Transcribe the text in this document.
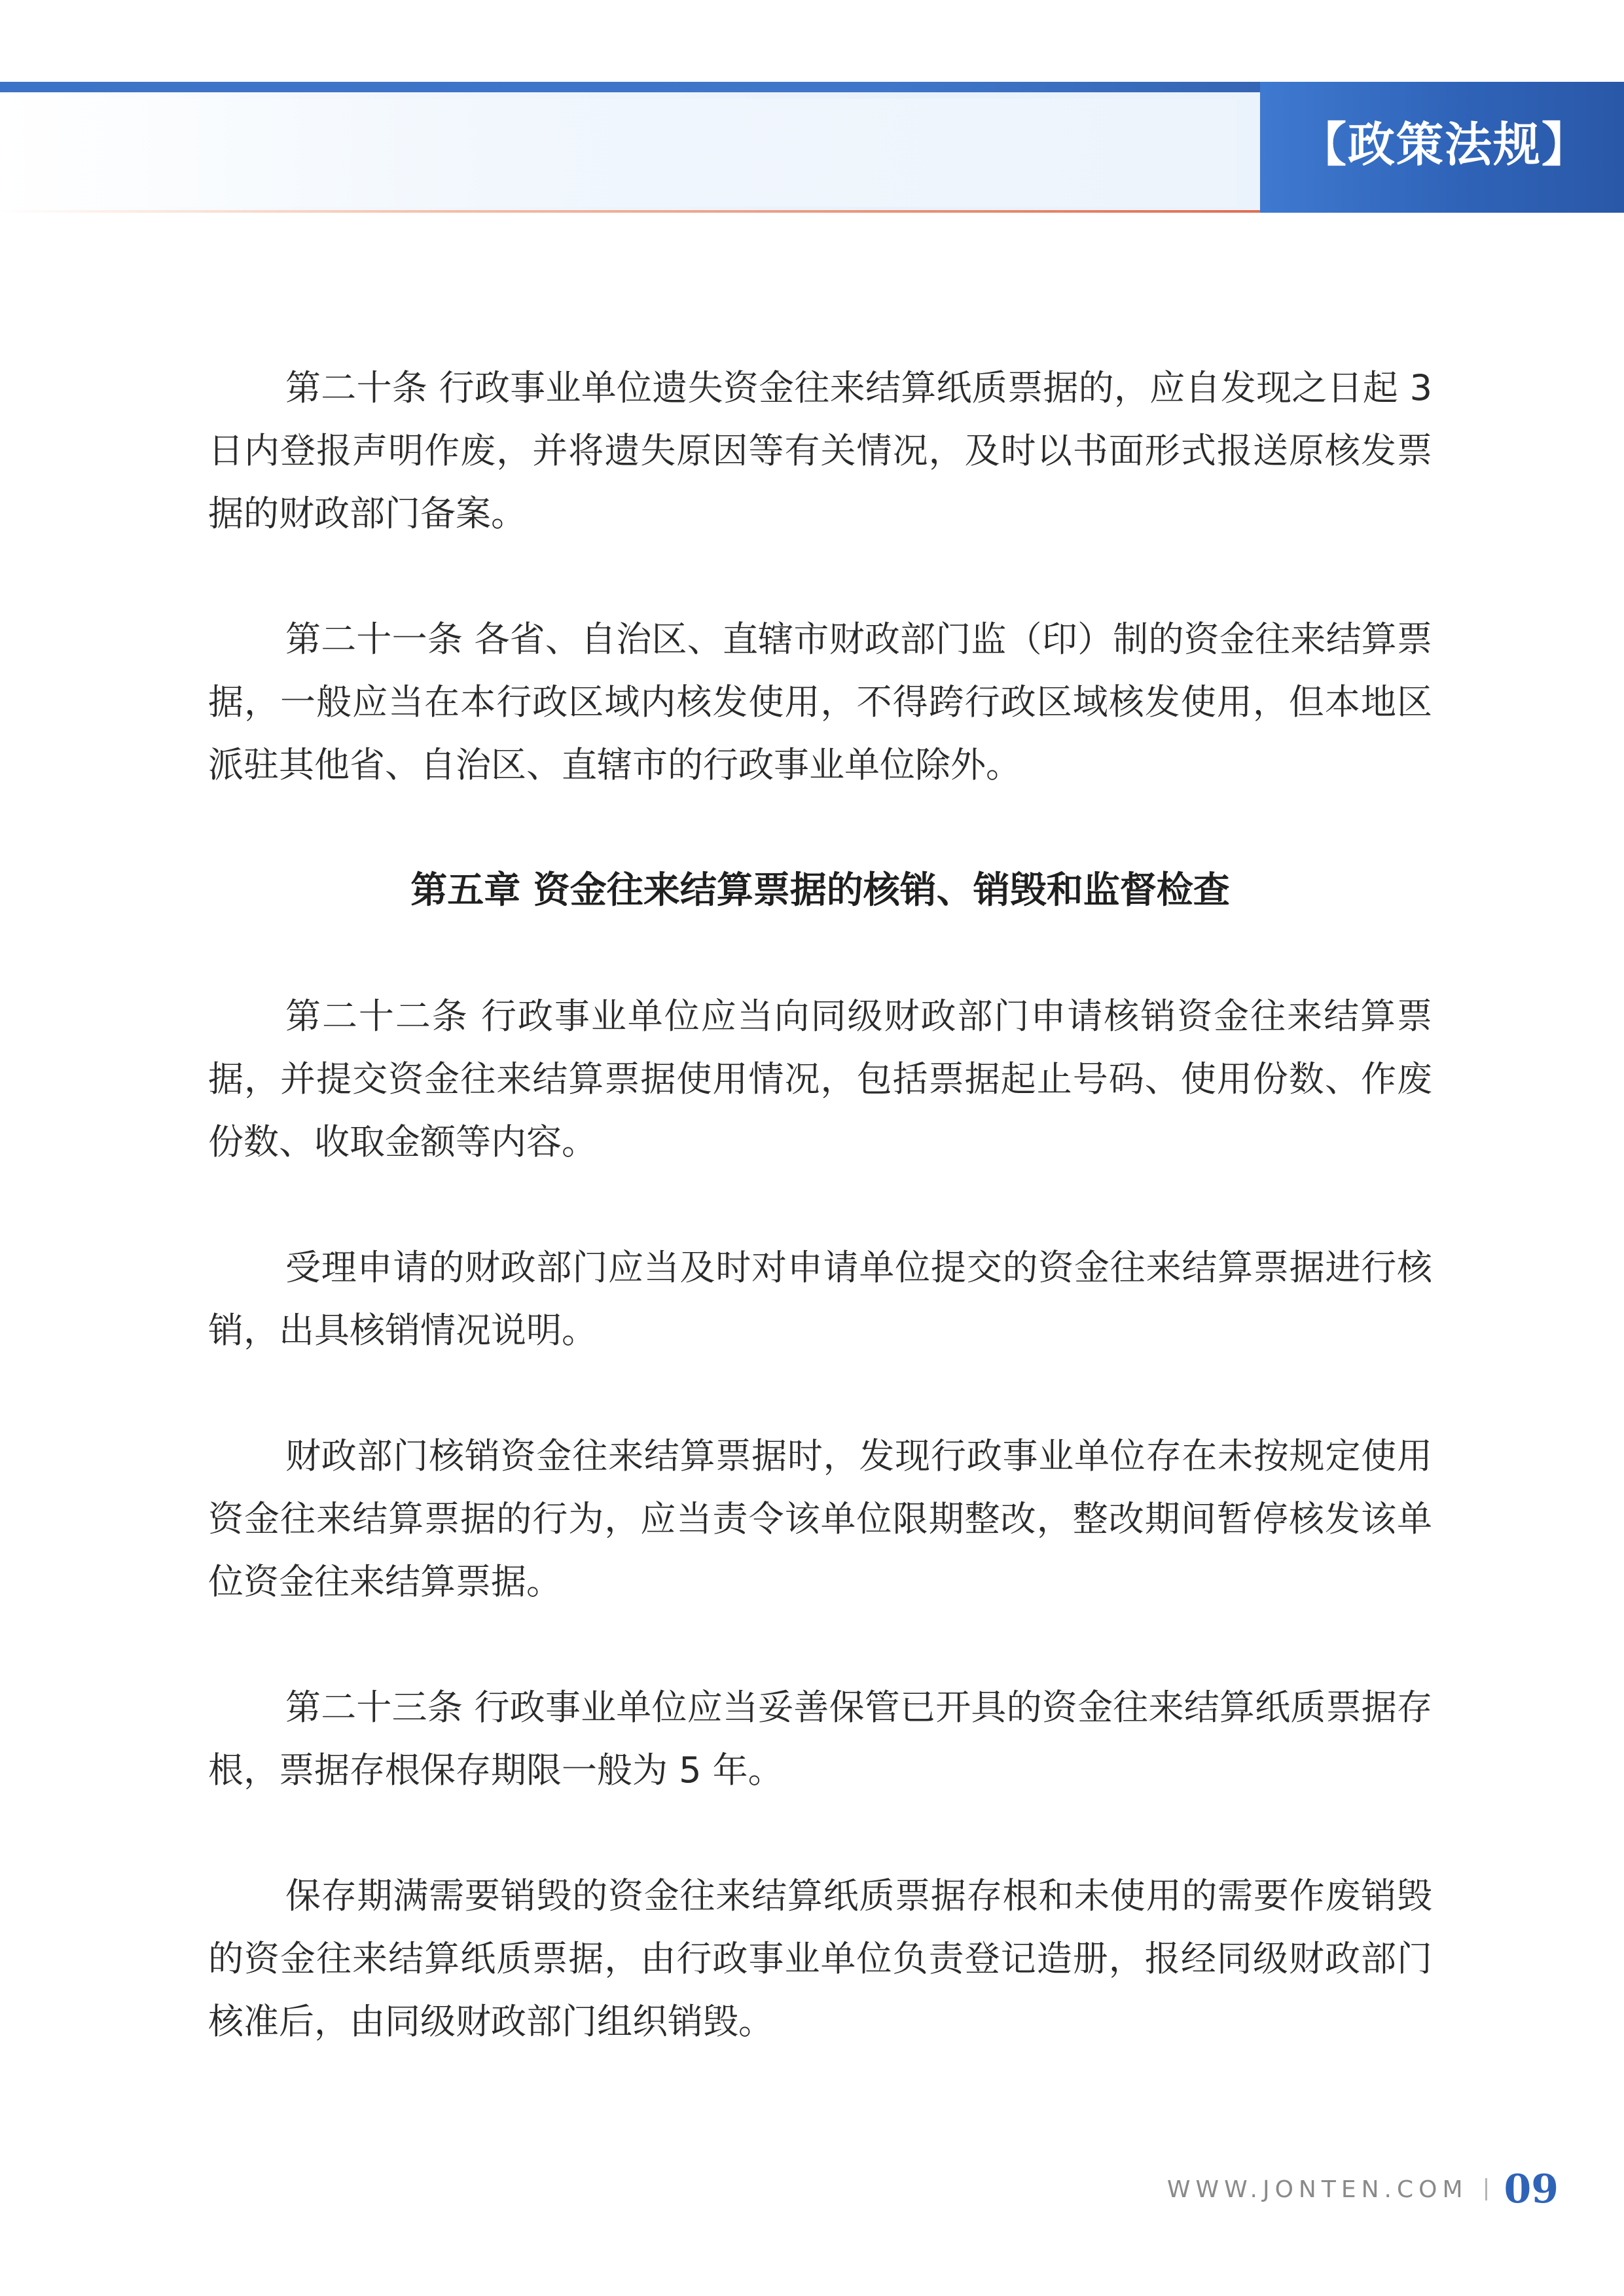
【政策法规】

第二十条 行政事业单位遗失资金往来结算纸质票据的，应自发现之日起 3 日内登报声明作废，并将遗失原因等有关情况，及时以书面形式报送原核发票据的财政部门备案。

第二十一条 各省、自治区、直辖市财政部门监（印）制的资金往来结算票据，一般应当在本行政区域内核发使用，不得跨行政区域核发使用，但本地区派驻其他省、自治区、直辖市的行政事业单位除外。

第五章 资金往来结算票据的核销、销毁和监督检查

第二十二条 行政事业单位应当向同级财政部门申请核销资金往来结算票据，并提交资金往来结算票据使用情况，包括票据起止号码、使用份数、作废份数、收取金额等内容。

受理申请的财政部门应当及时对申请单位提交的资金往来结算票据进行核销，出具核销情况说明。

财政部门核销资金往来结算票据时，发现行政事业单位存在未按规定使用资金往来结算票据的行为，应当责令该单位限期整改，整改期间暂停核发该单位资金往来结算票据。

第二十三条 行政事业单位应当妥善保管已开具的资金往来结算纸质票据存根，票据存根保存期限一般为 5 年。

保存期满需要销毁的资金往来结算纸质票据存根和未使用的需要作废销毁的资金往来结算纸质票据，由行政事业单位负责登记造册，报经同级财政部门核准后，由同级财政部门组织销毁。

WWW.JONTEN.COM 09
